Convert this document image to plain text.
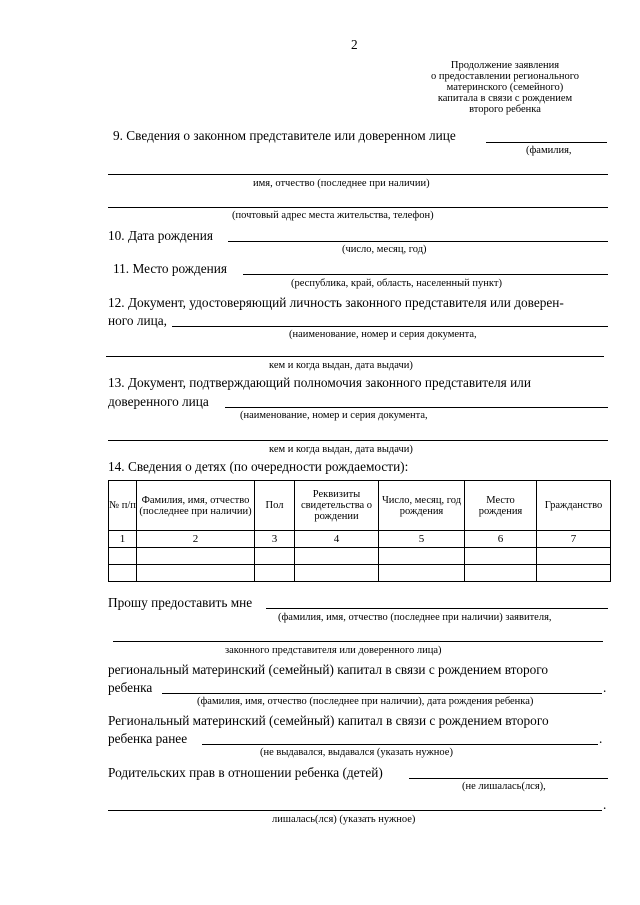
2
Продолжение заявления
о предоставлении регионального
материнского (семейного)
капитала в связи с рождением
второго ребенка
9. Сведения о законном представителе или доверенном лице
(фамилия,
имя, отчество (последнее при наличии)
(почтовый адрес места жительства, телефон)
10. Дата рождения
(число, месяц, год)
11. Место рождения
(республика, край, область, населенный пункт)
12. Документ, удостоверяющий личность законного представителя или доверен-
ного лица,
(наименование, номер и серия документа,
кем и когда выдан, дата выдачи)
13. Документ, подтверждающий полномочия законного представителя или
доверенного лица
(наименование, номер и серия документа,
кем и когда выдан, дата выдачи)
14. Сведения о детях (по очередности рождаемости):
№ п/п	Фамилия, имя, отчество (последнее при наличии)	Пол	Реквизиты свидетельства о рождении	Число, месяц, год рождения	Место рождения	Гражданство
1	2	3	4	5	6	7

Прошу предоставить мне
(фамилия, имя, отчество (последнее при наличии) заявителя,
законного представителя или доверенного лица)
региональный материнский (семейный) капитал в связи с рождением второго
ребенка	.
(фамилия, имя, отчество (последнее при наличии), дата рождения ребенка)
Региональный материнский (семейный) капитал в связи с рождением второго
ребенка ранее	.
(не выдавался, выдавался (указать нужное)
Родительских прав в отношении ребенка (детей)
(не лишалась(лся),
.
лишалась(лся) (указать нужное)
